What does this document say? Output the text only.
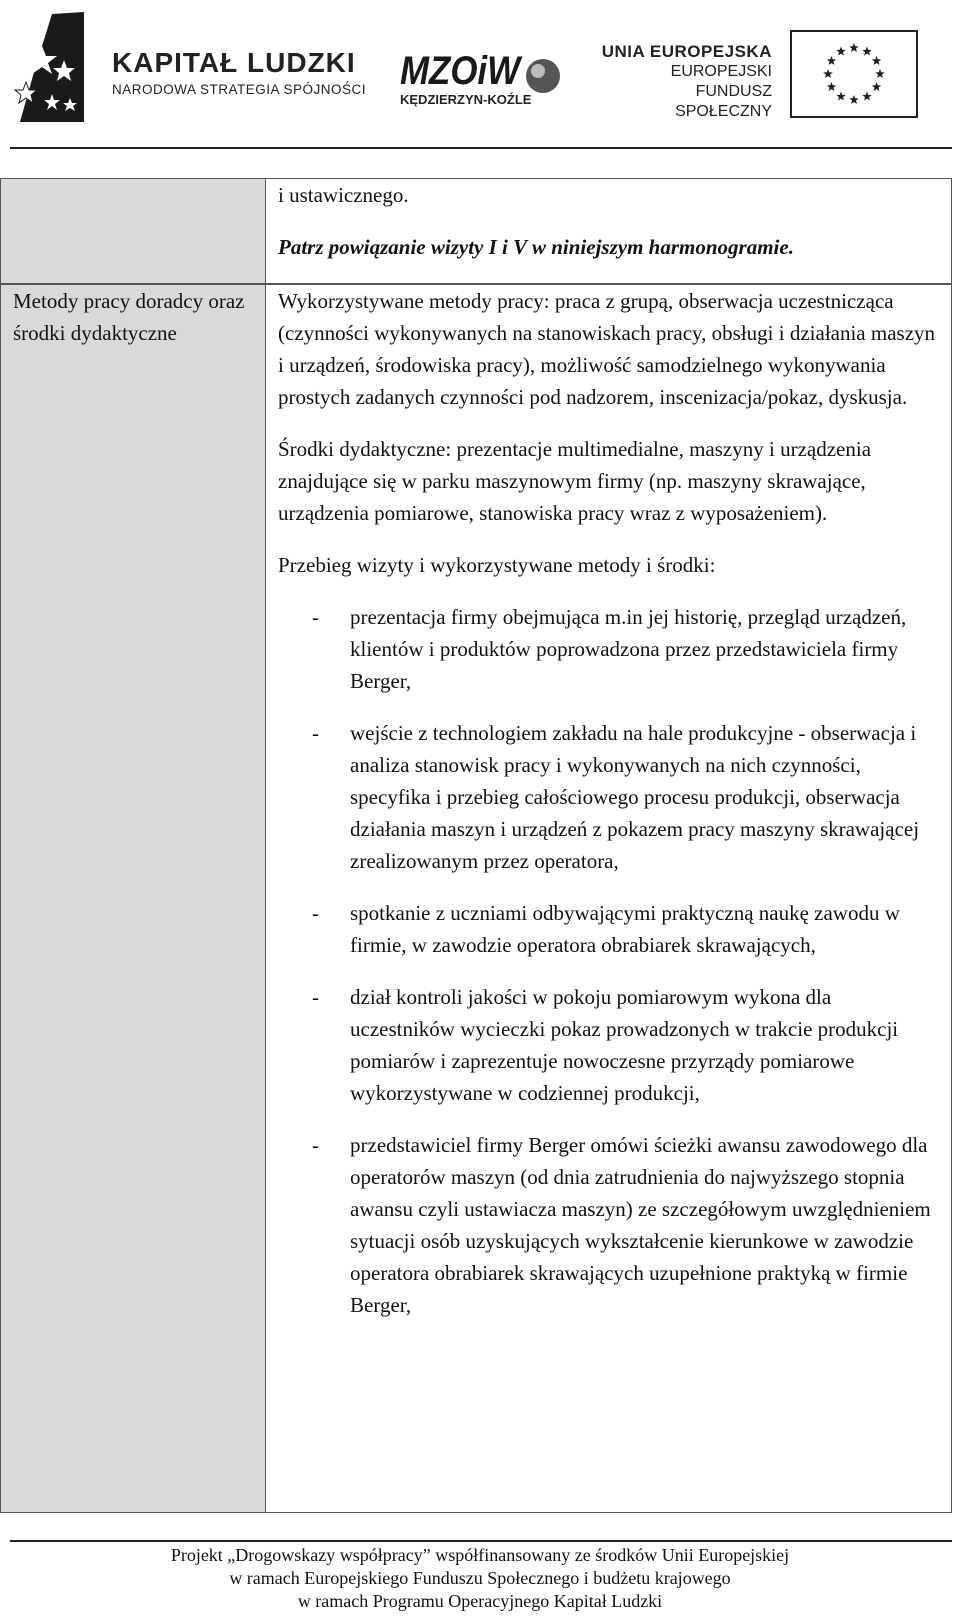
KAPITAŁ LUDZKI
NARODOWA STRATEGIA SPÓJNOŚCI MZOiW
KĘDZIERZYN-KOŹLE
UNIA EUROPEJSKA
EUROPEJSKI
FUNDUSZ SPOŁECZNY
Metody pracy doradcy oraz środki dydaktyczne
i ustawicznego.
Patrz powiązanie wizyty I i V w niniejszym harmonogramie.

Wykorzystywane metody pracy: praca z grupą, obserwacja uczestnicząca (czynności wykonywanych na stanowiskach pracy, obsługi i działania maszyn i urządzeń, środowiska pracy), możliwość samodzielnego wykonywania prostych zadanych czynności pod nadzorem, inscenizacja/pokaz, dyskusja.

Środki dydaktyczne: prezentacje multimedialne, maszyny i urządzenia znajdujące się w parku maszynowym firmy (np. maszyny skrawające, urządzenia pomiarowe, stanowiska pracy wraz z wyposażeniem).

Przebieg wizyty i wykorzystywane metody i środki:

- prezentacja firmy obejmująca m.in jej historię, przegląd urządzeń, klientów i produktów poprowadzona przez przedstawiciela firmy Berger,
- wejście z technologiem zakładu na hale produkcyjne - obserwacja i analiza stanowisk pracy i wykonywanych na nich czynności, specyfika i przebieg całościowego procesu produkcji, obserwacja działania maszyn i urządzeń z pokazem pracy maszyny skrawającej zrealizowanym przez operatora,
- spotkanie z uczniami odbywającymi praktyczną naukę zawodu w firmie, w zawodzie operatora obrabiarek skrawających,
- dział kontroli jakości w pokoju pomiarowym wykona dla uczestników wycieczki pokaz prowadzonych w trakcie produkcji pomiarów i zaprezentuje nowoczesne przyrządy pomiarowe wykorzystywane w codziennej produkcji,
- przedstawiciel firmy Berger omówi ścieżki awansu zawodowego dla operatorów maszyn (od dnia zatrudnienia do najwyższego stopnia awansu czyli ustawiacza maszyn) ze szczegółowym uwzględnieniem sytuacji osób uzyskujących wykształcenie kierunkowe w zawodzie operatora obrabiarek skrawających uzupełnione praktyką w firmie Berger,
Projekt „Drogowskazy współpracy” współfinansowany ze środków Unii Europejskiej
w ramach Europejskiego Funduszu Społecznego i budżetu krajowego
w ramach Programu Operacyjnego Kapitał Ludzki
